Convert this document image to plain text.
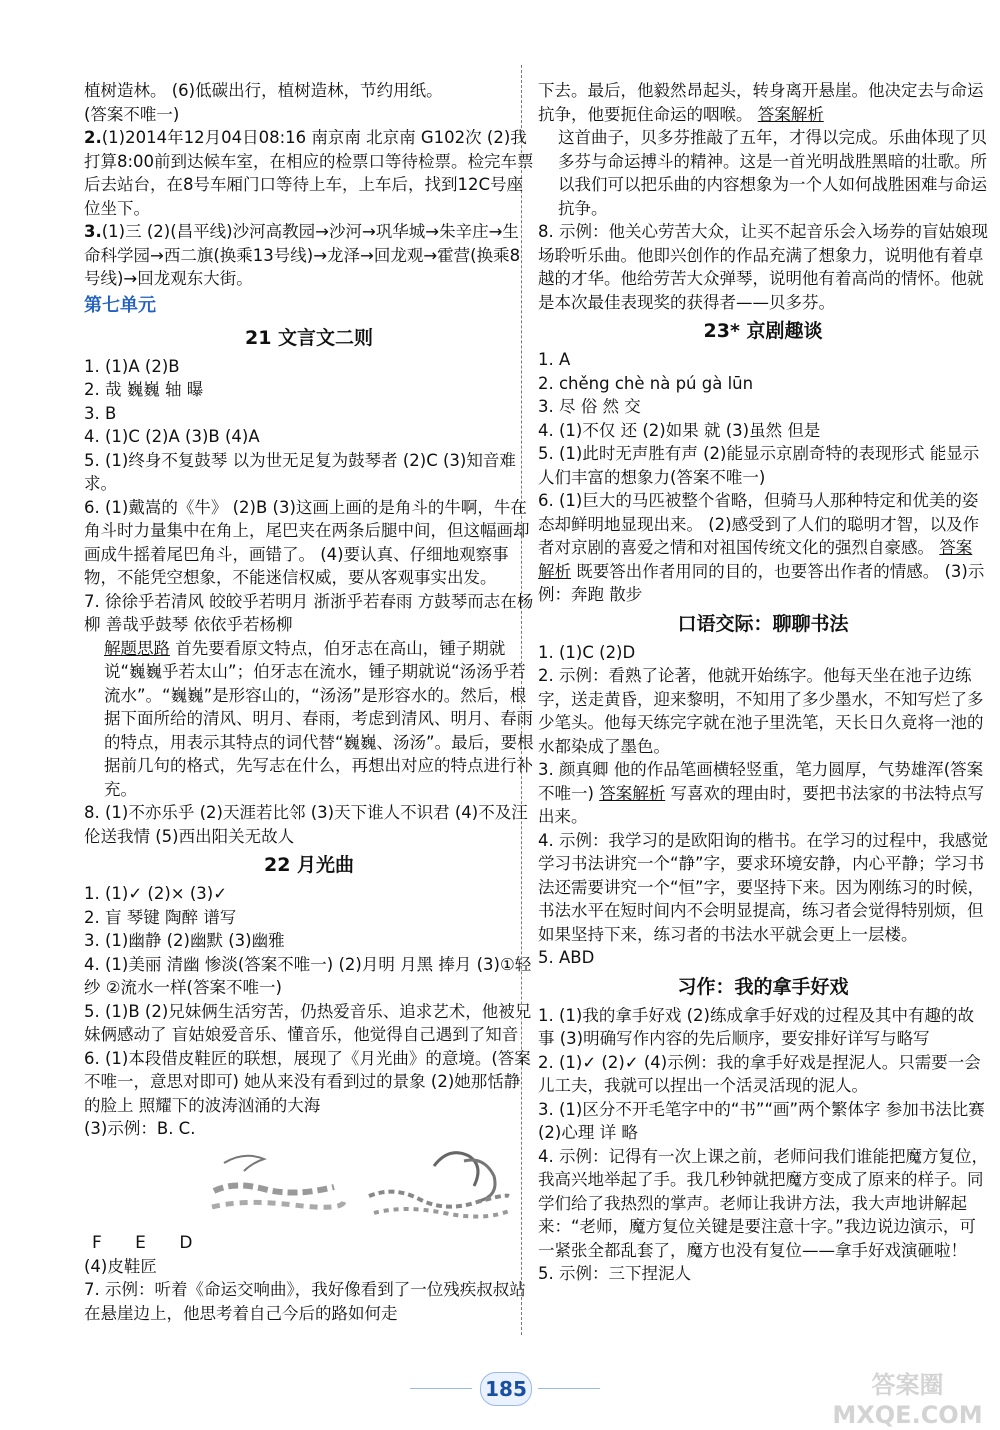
植树造林。 (6)低碳出行，植树造林，节约用纸。
(答案不唯一)
2.(1)2014年12月04日08:16 南京南 北京南 G102次 (2)我打算8:00前到达候车室，在相应的检票口等待检票。检完车票后去站台，在8号车厢门口等待上车，上车后，找到12C号座位坐下。
3.(1)三 (2)(昌平线)沙河高教园→沙河→巩华城→朱辛庄→生命科学园→西二旗(换乘13号线)→龙泽→回龙观→霍营(换乘8号线)→回龙观东大街。
第七单元
21 文言文二则
1. (1)A (2)B
2. 哉 巍巍 轴 曝
3. B
4. (1)C (2)A (3)B (4)A
5. (1)终身不复鼓琴 以为世无足复为鼓琴者 (2)C (3)知音难求。
6. (1)戴嵩的《牛》 (2)B (3)这画上画的是角斗的牛啊，牛在角斗时力量集中在角上，尾巴夹在两条后腿中间，但这幅画却画成牛摇着尾巴角斗，画错了。 (4)要认真、仔细地观察事物，不能凭空想象，不能迷信权威，要从客观事实出发。
7. 徐徐乎若清风 皎皎乎若明月 浙浙乎若春雨 方鼓琴而志在杨柳 善哉乎鼓琴 依依乎若杨柳
解题思路 首先要看原文特点，伯牙志在高山，锺子期就说“巍巍乎若太山”；伯牙志在流水，锺子期就说“汤汤乎若流水”。“巍巍”是形容山的，“汤汤”是形容水的。然后，根据下面所给的清风、明月、春雨，考虑到清风、明月、春雨的特点，用表示其特点的词代替“巍巍、汤汤”。最后，要根据前几句的格式，先写志在什么，再想出对应的特点进行补充。
8. (1)不亦乐乎 (2)天涯若比邻 (3)天下谁人不识君 (4)不及汪伦送我情 (5)西出阳关无故人
22 月光曲
1. (1)✓ (2)× (3)✓
2. 盲 琴键 陶醉 谱写
3. (1)幽静 (2)幽默 (3)幽雅
4. (1)美丽 清幽 惨淡(答案不唯一) (2)月明 月黑 捧月 (3)①轻纱 ②流水一样(答案不唯一)
5. (1)B (2)兄妹俩生活穷苦，仍热爱音乐、追求艺术，他被兄妹俩感动了 盲姑娘爱音乐、懂音乐，他觉得自己遇到了知音
6. (1)本段借皮鞋匠的联想，展现了《月光曲》的意境。(答案不唯一，意思对即可) 她从来没有看到过的景象 (2)她那恬静的脸上 照耀下的波涛汹涌的大海
(3)示例：B. C.
F E D
(4)皮鞋匠
7. 示例：听着《命运交响曲》，我好像看到了一位残疾叔叔站在悬崖边上，他思考着自己今后的路如何走
下去。最后，他毅然昂起头，转身离开悬崖。他决定去与命运抗争，他要扼住命运的咽喉。 答案解析
这首曲子，贝多芬推敲了五年，才得以完成。乐曲体现了贝多芬与命运搏斗的精神。这是一首光明战胜黑暗的壮歌。所以我们可以把乐曲的内容想象为一个人如何战胜困难与命运抗争。
8. 示例：他关心劳苦大众，让买不起音乐会入场券的盲姑娘现场聆听乐曲。他即兴创作的作品充满了想象力，说明他有着卓越的才华。他给劳苦大众弹琴，说明他有着高尚的情怀。他就是本次最佳表现奖的获得者——贝多芬。
23* 京剧趣谈
1. A
2. chěng chè nà pú gà lūn
3. 尽 俗 然 交
4. (1)不仅 还 (2)如果 就 (3)虽然 但是
5. (1)此时无声胜有声 (2)能显示京剧奇特的表现形式 能显示人们丰富的想象力(答案不唯一)
6. (1)巨大的马匹被整个省略，但骑马人那种特定和优美的姿态却鲜明地显现出来。 (2)感受到了人们的聪明才智，以及作者对京剧的喜爱之情和对祖国传统文化的强烈自豪感。 答案解析 既要答出作者用同的目的，也要答出作者的情感。 (3)示例：奔跑 散步
口语交际：聊聊书法
1. (1)C (2)D
2. 示例：看熟了论著，他就开始练字。他每天坐在池子边练字，送走黄昏，迎来黎明，不知用了多少墨水，不知写烂了多少笔头。他每天练完字就在池子里洗笔，天长日久竟将一池的水都染成了墨色。
3. 颜真卿 他的作品笔画横轻竖重，笔力圆厚，气势雄浑(答案不唯一) 答案解析 写喜欢的理由时，要把书法家的书法特点写出来。
4. 示例：我学习的是欧阳询的楷书。在学习的过程中，我感觉学习书法讲究一个“静”字，要求环境安静，内心平静；学习书法还需要讲究一个“恒”字，要坚持下来。因为刚练习的时候，书法水平在短时间内不会明显提高，练习者会觉得特别烦，但如果坚持下来，练习者的书法水平就会更上一层楼。
5. ABD
习作：我的拿手好戏
1. (1)我的拿手好戏 (2)练成拿手好戏的过程及其中有趣的故事 (3)明确写作内容的先后顺序，要安排好详写与略写
2. (1)✓ (2)✓ (4)示例：我的拿手好戏是捏泥人。只需要一会儿工夫，我就可以捏出一个活灵活现的泥人。
3. (1)区分不开毛笔字中的“书”“画”两个繁体字 参加书法比赛 (2)心理 详 略
4. 示例：记得有一次上课之前，老师问我们谁能把魔方复位，我高兴地举起了手。我几秒钟就把魔方变成了原来的样子。同学们给了我热烈的掌声。老师让我讲方法，我大声地讲解起来：“老师，魔方复位关键是要注意十字。”我边说边演示，可一紧张全都乱套了，魔方也没有复位——拿手好戏演砸啦！
5. 示例：三下捏泥人
185	答案圈
MXQE.COM
